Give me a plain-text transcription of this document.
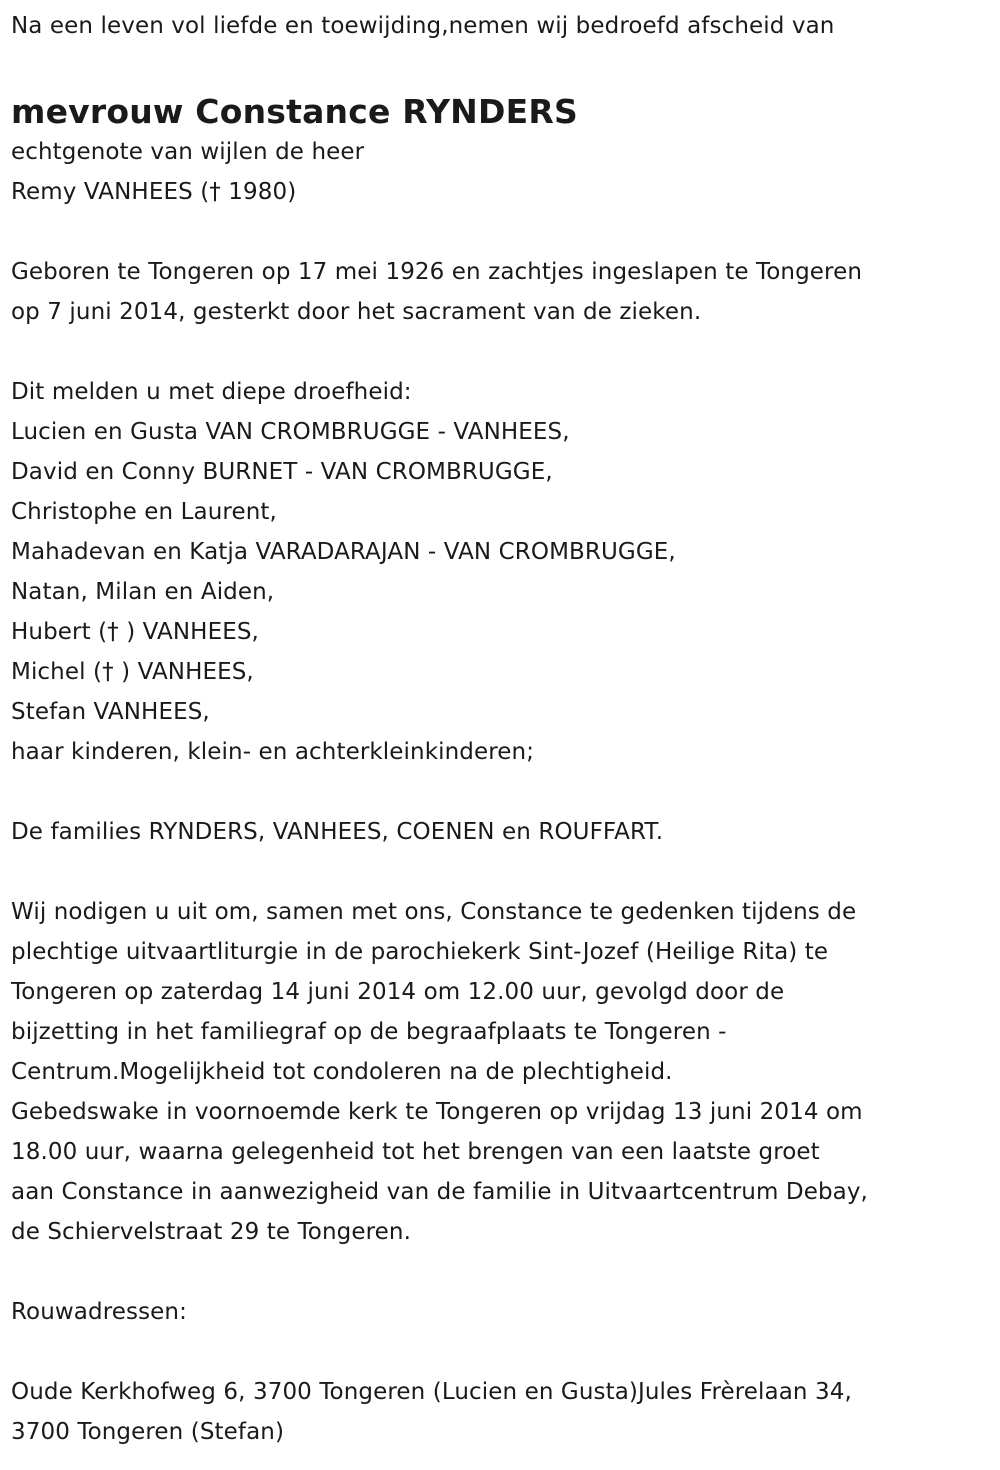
Na een leven vol liefde en toewijding,nemen wij bedroefd afscheid van
mevrouw Constance RYNDERS
echtgenote van wijlen de heer
Remy VANHEES († 1980)
Geboren te Tongeren op 17 mei 1926 en zachtjes ingeslapen te Tongeren
op 7 juni 2014, gesterkt door het sacrament van de zieken.
Dit melden u met diepe droefheid:
Lucien en Gusta VAN CROMBRUGGE - VANHEES,
David en Conny BURNET - VAN CROMBRUGGE,
Christophe en Laurent,
Mahadevan en Katja VARADARAJAN - VAN CROMBRUGGE,
Natan, Milan en Aiden,
Hubert († ) VANHEES,
Michel († ) VANHEES,
Stefan VANHEES,
haar kinderen, klein- en achterkleinkinderen;
De families RYNDERS, VANHEES, COENEN en ROUFFART.
Wij nodigen u uit om, samen met ons, Constance te gedenken tijdens de
plechtige uitvaartliturgie in de parochiekerk Sint-Jozef (Heilige Rita) te
Tongeren op zaterdag 14 juni 2014 om 12.00 uur, gevolgd door de
bijzetting in het familiegraf op de begraafplaats te Tongeren -
Centrum.Mogelijkheid tot condoleren na de plechtigheid.
Gebedswake in voornoemde kerk te Tongeren op vrijdag 13 juni 2014 om
18.00 uur, waarna gelegenheid tot het brengen van een laatste groet
aan Constance in aanwezigheid van de familie in Uitvaartcentrum Debay,
de Schiervelstraat 29 te Tongeren.
Rouwadressen:
Oude Kerkhofweg 6, 3700 Tongeren (Lucien en Gusta)Jules Frèrelaan 34,
3700 Tongeren (Stefan)
